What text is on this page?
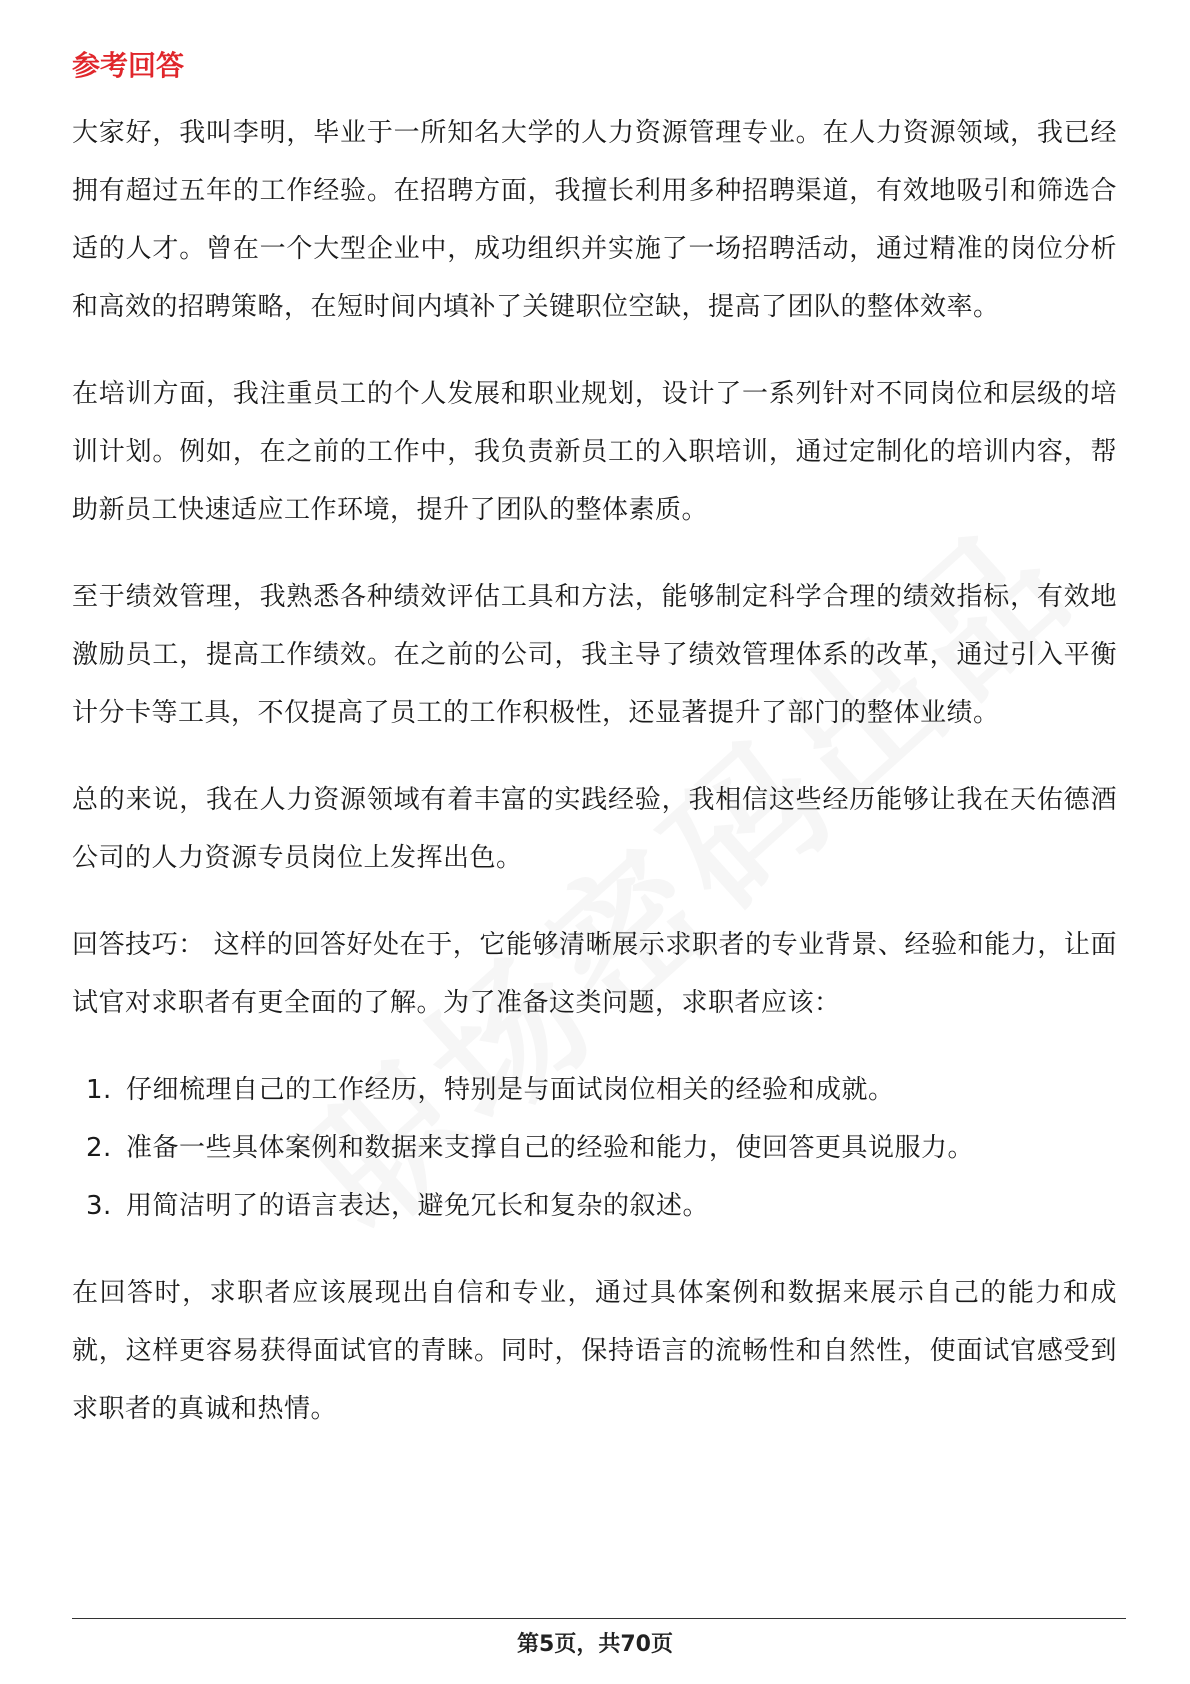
参考回答

大家好，我叫李明，毕业于一所知名大学的人力资源管理专业。在人力资源领域，我已经拥有超过五年的工作经验。在招聘方面，我擅长利用多种招聘渠道，有效地吸引和筛选合适的人才。曾在一个大型企业中，成功组织并实施了一场招聘活动，通过精准的岗位分析和高效的招聘策略，在短时间内填补了关键职位空缺，提高了团队的整体效率。

在培训方面，我注重员工的个人发展和职业规划，设计了一系列针对不同岗位和层级的培训计划。例如，在之前的工作中，我负责新员工的入职培训，通过定制化的培训内容，帮助新员工快速适应工作环境，提升了团队的整体素质。

至于绩效管理，我熟悉各种绩效评估工具和方法，能够制定科学合理的绩效指标，有效地激励员工，提高工作绩效。在之前的公司，我主导了绩效管理体系的改革，通过引入平衡计分卡等工具，不仅提高了员工的工作积极性，还显著提升了部门的整体业绩。

总的来说，我在人力资源领域有着丰富的实践经验，我相信这些经历能够让我在天佑德酒公司的人力资源专员岗位上发挥出色。

回答技巧： 这样的回答好处在于，它能够清晰展示求职者的专业背景、经验和能力，让面试官对求职者有更全面的了解。为了准备这类问题，求职者应该：

1. 仔细梳理自己的工作经历，特别是与面试岗位相关的经验和成就。
2. 准备一些具体案例和数据来支撑自己的经验和能力，使回答更具说服力。
3. 用简洁明了的语言表达，避免冗长和复杂的叙述。

在回答时，求职者应该展现出自信和专业，通过具体案例和数据来展示自己的能力和成就，这样更容易获得面试官的青睐。同时，保持语言的流畅性和自然性，使面试官感受到求职者的真诚和热情。

第5页，共70页
